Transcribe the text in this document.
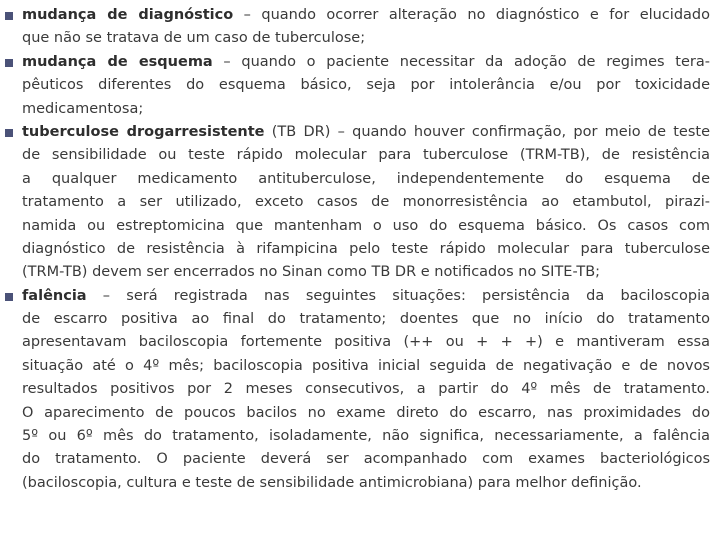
mudança de diagnóstico – quando ocorrer alteração no diagnóstico e for elucidado
que não se tratava de um caso de tuberculose;
mudança de esquema – quando o paciente necessitar da adoção de regimes tera-
pêuticos diferentes do esquema básico, seja por intolerância e/ou por toxicidade
medicamentosa;
tuberculose drogarresistente (TB DR) – quando houver confirmação, por meio de teste
de sensibilidade ou teste rápido molecular para tuberculose (TRM-TB), de resistência
a qualquer medicamento antituberculose, independentemente do esquema de
tratamento a ser utilizado, exceto casos de monorresistência ao etambutol, pirazi-
namida ou estreptomicina que mantenham o uso do esquema básico. Os casos com
diagnóstico de resistência à rifampicina pelo teste rápido molecular para tuberculose
(TRM-TB) devem ser encerrados no Sinan como TB DR e notificados no SITE-TB;
falência – será registrada nas seguintes situações: persistência da baciloscopia
de escarro positiva ao final do tratamento; doentes que no início do tratamento
apresentavam baciloscopia fortemente positiva (++ ou + + +) e mantiveram essa
situação até o 4º mês; baciloscopia positiva inicial seguida de negativação e de novos
resultados positivos por 2 meses consecutivos, a partir do 4º mês de tratamento.
O aparecimento de poucos bacilos no exame direto do escarro, nas proximidades do
5º ou 6º mês do tratamento, isoladamente, não significa, necessariamente, a falência
do tratamento. O paciente deverá ser acompanhado com exames bacteriológicos
(baciloscopia, cultura e teste de sensibilidade antimicrobiana) para melhor definição.
